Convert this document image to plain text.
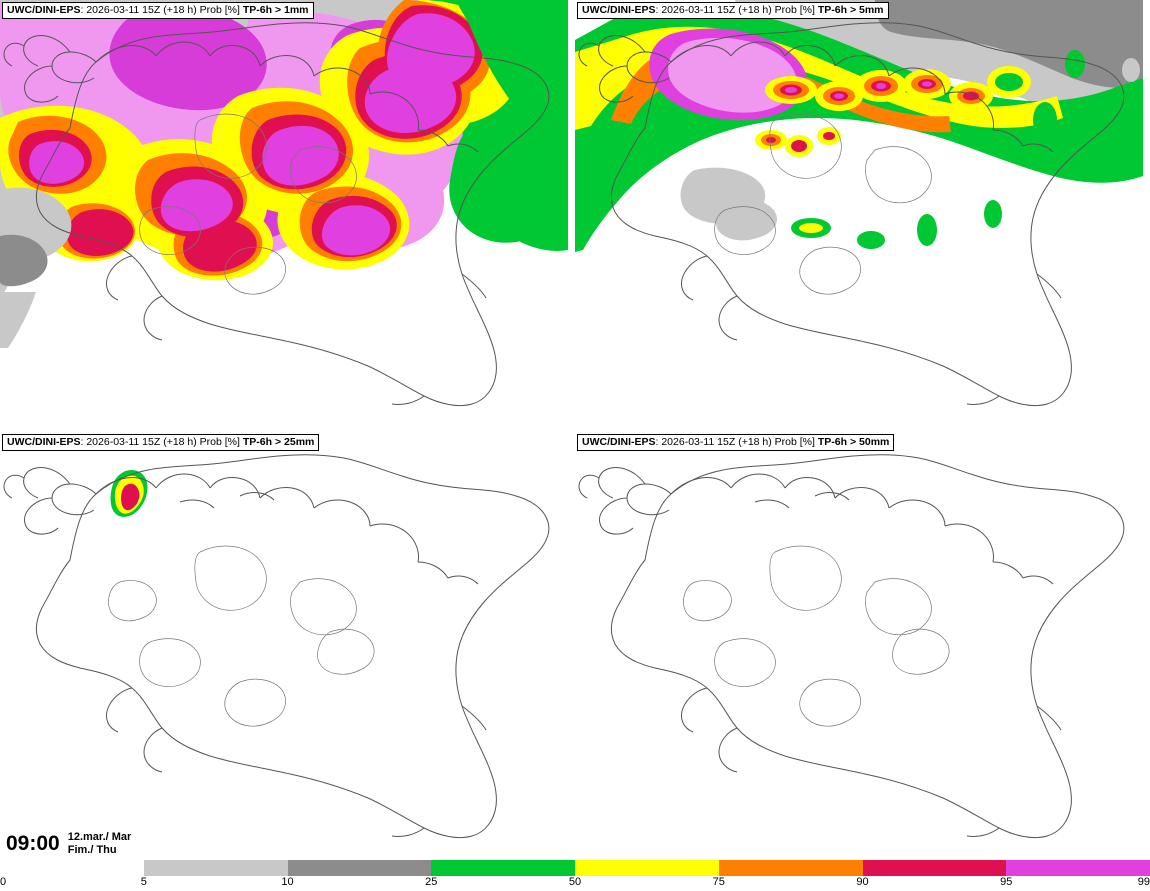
UWC/DINI-EPS: 2026-03-11 15Z (+18 h) Prob [%] TP-6h > 1mm	UWC/DINI-EPS: 2026-03-11 15Z (+18 h) Prob [%] TP-6h > 5mm
UWC/DINI-EPS: 2026-03-11 15Z (+18 h) Prob [%] TP-6h > 25mm	UWC/DINI-EPS: 2026-03-11 15Z (+18 h) Prob [%] TP-6h > 50mm
09:00 12.mar./ Mar
Fim./ Thu
0	5	10	25	50	75	90	95	99
